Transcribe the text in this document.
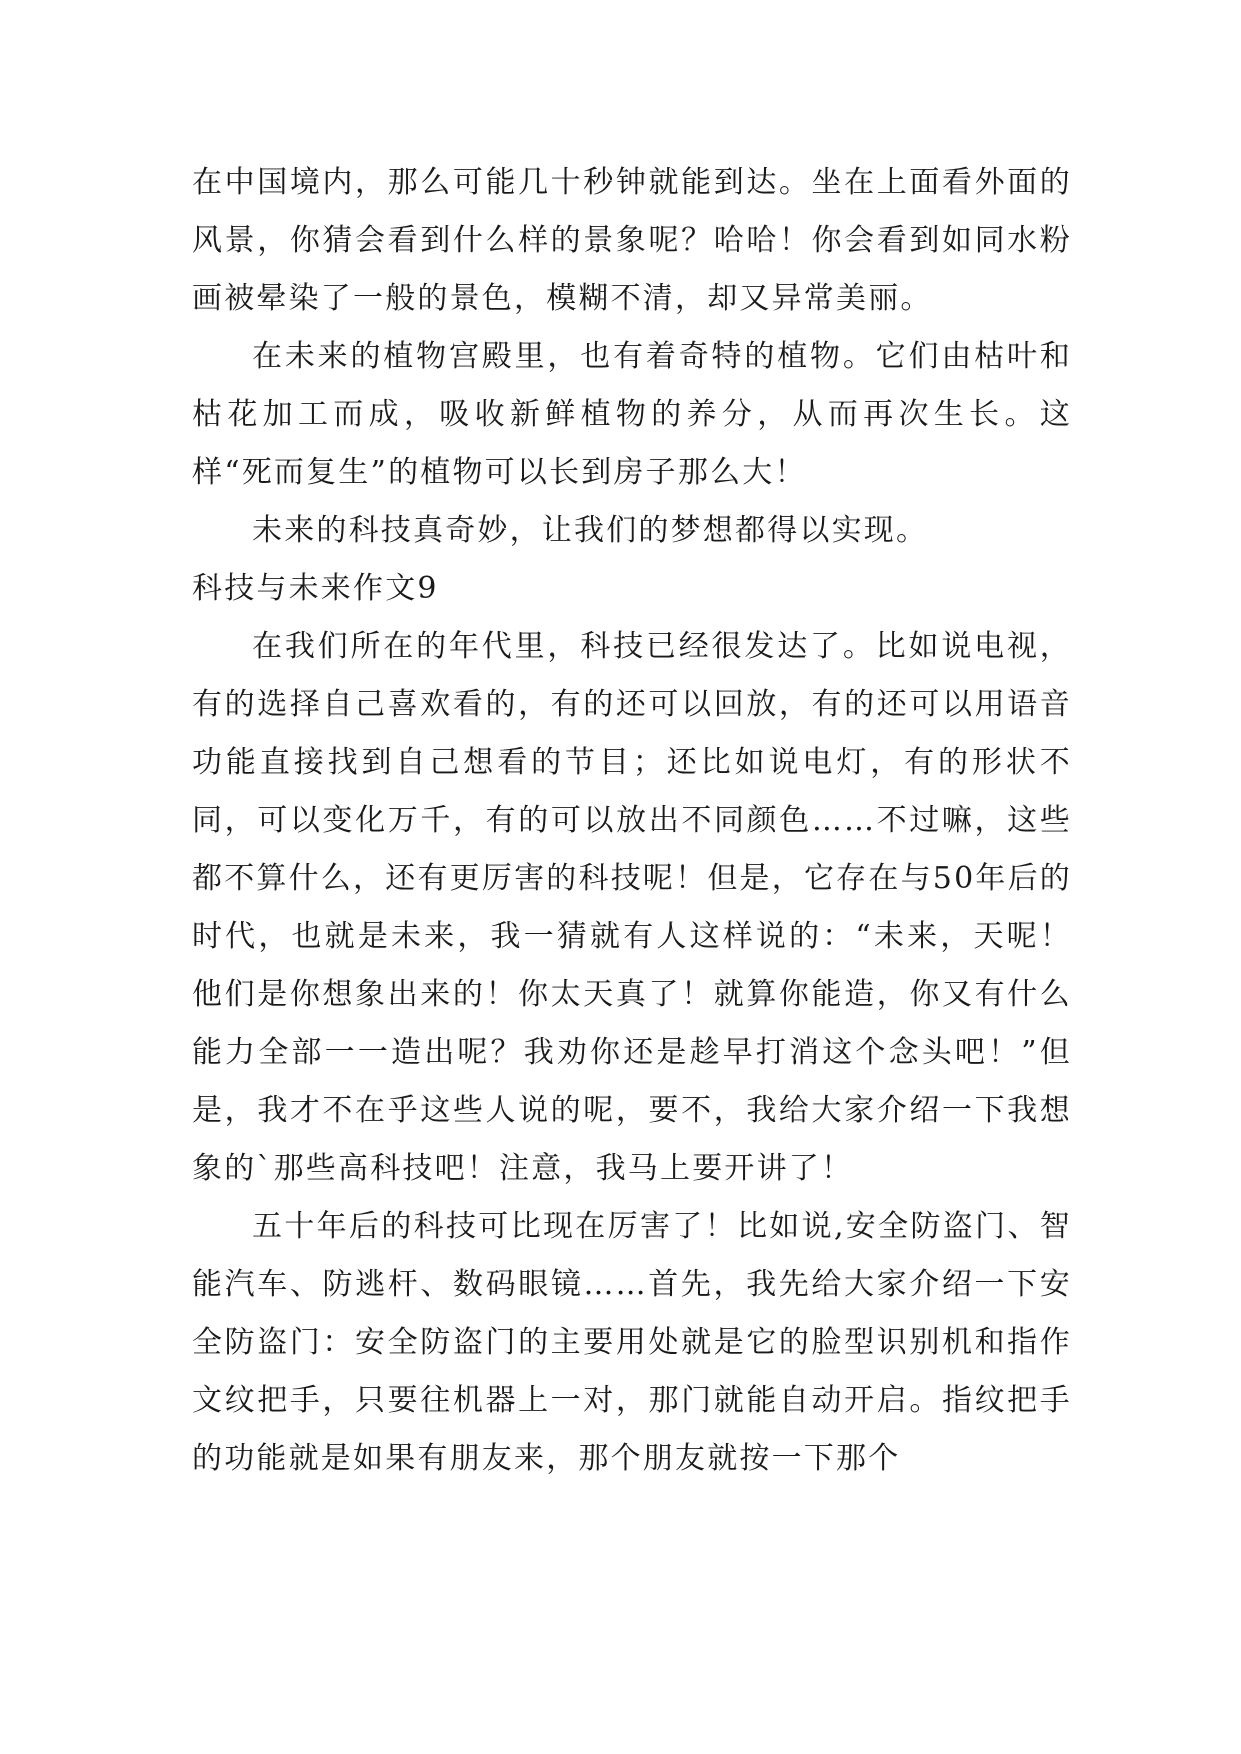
在中国境内，那么可能几十秒钟就能到达。坐在上面看外面的风景，你猜会看到什么样的景象呢？哈哈！你会看到如同水粉画被晕染了一般的景色，模糊不清，却又异常美丽。

在未来的植物宫殿里，也有着奇特的植物。它们由枯叶和枯花加工而成，吸收新鲜植物的养分，从而再次生长。这样“死而复生”的植物可以长到房子那么大！

未来的科技真奇妙，让我们的梦想都得以实现。

科技与未来作文9

在我们所在的年代里，科技已经很发达了。比如说电视，有的选择自己喜欢看的，有的还可以回放，有的还可以用语音功能直接找到自己想看的节目；还比如说电灯，有的形状不同，可以变化万千，有的可以放出不同颜色……不过嘛，这些都不算什么，还有更厉害的科技呢！但是，它存在与50年后的时代，也就是未来，我一猜就有人这样说的：“未来，天呢！他们是你想象出来的！你太天真了！就算你能造，你又有什么能力全部一一造出呢？我劝你还是趁早打消这个念头吧！”但是，我才不在乎这些人说的呢，要不，我给大家介绍一下我想象的`那些高科技吧！注意，我马上要开讲了！

五十年后的科技可比现在厉害了！比如说,安全防盗门、智能汽车、防逃杆、数码眼镜……首先，我先给大家介绍一下安全防盗门：安全防盗门的主要用处就是它的脸型识别机和指作文纹把手，只要往机器上一对，那门就能自动开启。指纹把手的功能就是如果有朋友来，那个朋友就按一下那个
